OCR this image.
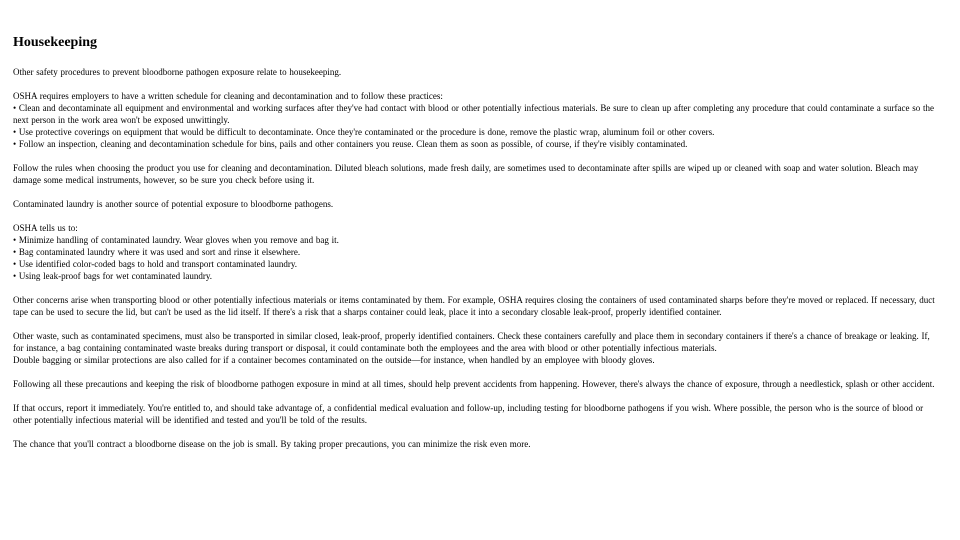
Housekeeping
Other safety procedures to prevent bloodborne pathogen exposure relate to housekeeping.
OSHA requires employers to have a written schedule for cleaning and decontamination and to follow these practices:
• Clean and decontaminate all equipment and environmental and working surfaces after they've had contact with blood or other potentially infectious materials. Be sure to clean up after completing any procedure that could contaminate a surface so the next person in the work area won't be exposed unwittingly.
• Use protective coverings on equipment that would be difficult to decontaminate. Once they're contaminated or the procedure is done, remove the plastic wrap, aluminum foil or other covers.
• Follow an inspection, cleaning and decontamination schedule for bins, pails and other containers you reuse. Clean them as soon as possible, of course, if they're visibly contaminated.
Follow the rules when choosing the product you use for cleaning and decontamination. Diluted bleach solutions, made fresh daily, are sometimes used to decontaminate after spills are wiped up or cleaned with soap and water solution. Bleach may damage some medical instruments, however, so be sure you check before using it.
Contaminated laundry is another source of potential exposure to bloodborne pathogens.
OSHA tells us to:
• Minimize handling of contaminated laundry. Wear gloves when you remove and bag it.
• Bag contaminated laundry where it was used and sort and rinse it elsewhere.
• Use identified color-coded bags to hold and transport contaminated laundry.
• Using leak-proof bags for wet contaminated laundry.
Other concerns arise when transporting blood or other potentially infectious materials or items contaminated by them. For example, OSHA requires closing the containers of used contaminated sharps before they're moved or replaced. If necessary, duct tape can be used to secure the lid, but can't be used as the lid itself. If there's a risk that a sharps container could leak, place it into a secondary closable leak-proof, properly identified container.
Other waste, such as contaminated specimens, must also be transported in similar closed, leak-proof, properly identified containers. Check these containers carefully and place them in secondary containers if there's a chance of breakage or leaking. If, for instance, a bag containing contaminated waste breaks during transport or disposal, it could contaminate both the employees and the area with blood or other potentially infectious materials.
Double bagging or similar protections are also called for if a container becomes contaminated on the outside—for instance, when handled by an employee with bloody gloves.
Following all these precautions and keeping the risk of bloodborne pathogen exposure in mind at all times, should help prevent accidents from happening. However, there's always the chance of exposure, through a needlestick, splash or other accident.
If that occurs, report it immediately. You're entitled to, and should take advantage of, a confidential medical evaluation and follow-up, including testing for bloodborne pathogens if you wish. Where possible, the person who is the source of blood or other potentially infectious material will be identified and tested and you'll be told of the results.
The chance that you'll contract a bloodborne disease on the job is small. By taking proper precautions, you can minimize the risk even more.
